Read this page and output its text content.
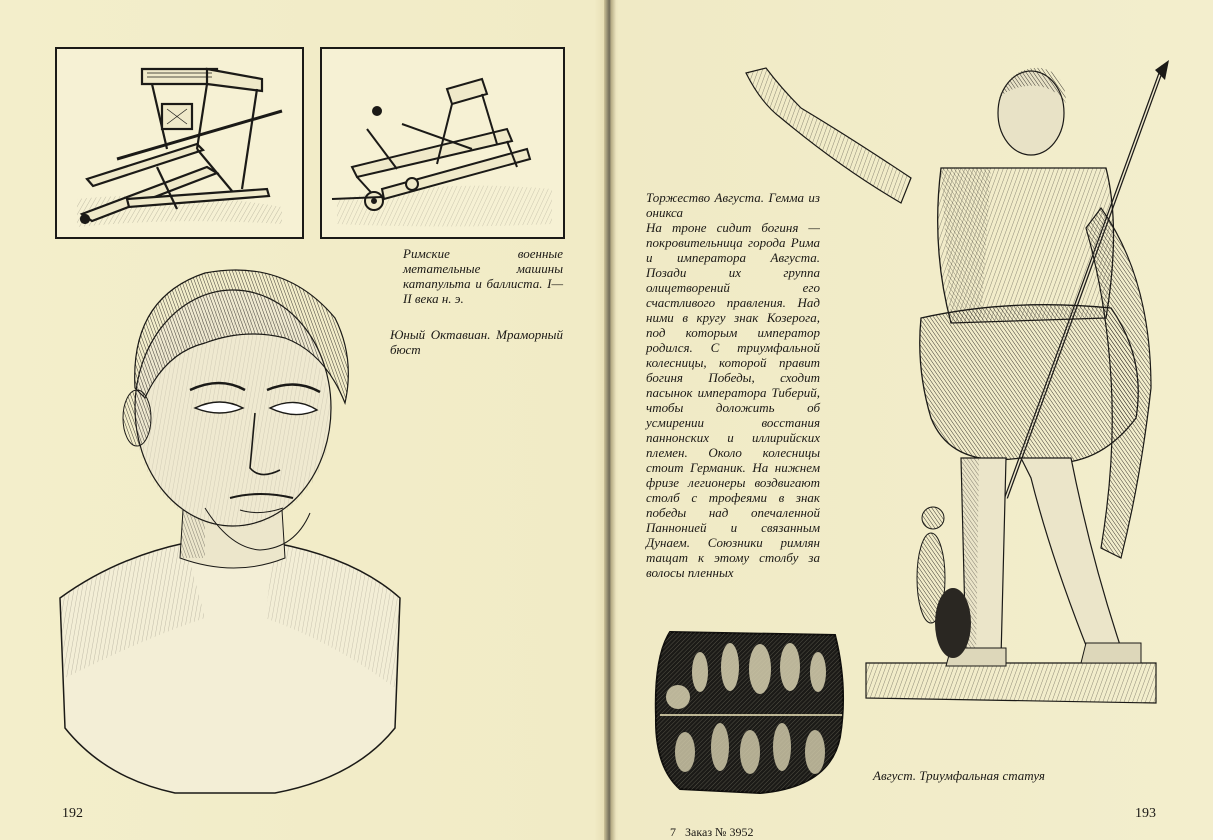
Римские военные метательные машины катапульта и баллиста. I—II века н. э.
Юный Октавиан. Мраморный бюст
192
Торжество Августа. Гемма из оникса
На троне сидит богиня — покровительница города Рима и императора Августа. Позади их группа олицетворений его счастливого правления. Над ними в кругу знак Козерога, под которым император родился. С триумфальной колесницы, которой правит богиня Победы, сходит пасынок императора Тиберий, чтобы доложить об усмирении восстания паннонских и иллирийских племен. Около колесницы стоит Германик. На нижнем фризе легионеры воздвигают столб с трофеями в знак победы над опечаленной Паннонией и связанным Дунаем. Союзники римлян тащат к этому столбу за волосы пленных
Август. Триумфальная статуя

7   Заказ № 3952

193
